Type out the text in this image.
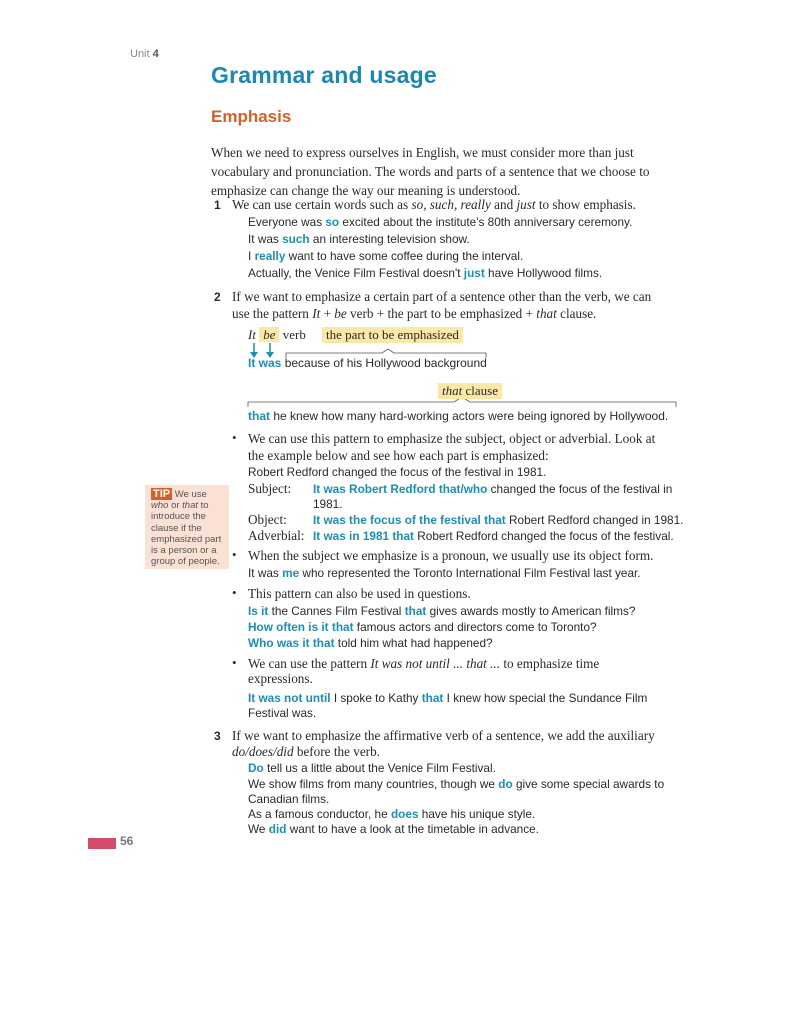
Unit 4
Grammar and usage
Emphasis
When we need to express ourselves in English, we must consider more than just vocabulary and pronunciation. The words and parts of a sentence that we choose to emphasize can change the way our meaning is understood.
1 We can use certain words such as so, such, really and just to show emphasis.
Everyone was so excited about the institute's 80th anniversary ceremony.
It was such an interesting television show.
I really want to have some coffee during the interval.
Actually, the Venice Film Festival doesn't just have Hollywood films.
2 If we want to emphasize a certain part of a sentence other than the verb, we can
use the pattern It + be verb + the part to be emphasized + that clause.
It be verb	the part to be emphasized
It was because of his Hollywood background
that clause
that he knew how many hard-working actors were being ignored by Hollywood.
• We can use this pattern to emphasize the subject, object or adverbial. Look at
the example below and see how each part is emphasized:
Robert Redford changed the focus of the festival in 1981.
Subject: It was Robert Redford that/who changed the focus of the festival in
1981.
Object: It was the focus of the festival that Robert Redford changed in 1981.
Adverbial: It was in 1981 that Robert Redford changed the focus of the festival.
TIP We use who or that to introduce the clause if the emphasized part is a person or a group of people. • When the subject we emphasize is a pronoun, we usually use its object form.
It was me who represented the Toronto International Film Festival last year.
• This pattern can also be used in questions.
Is it the Cannes Film Festival that gives awards mostly to American films?
How often is it that famous actors and directors come to Toronto?
Who was it that told him what had happened?
• We can use the pattern It was not until ... that ... to emphasize time
expressions.
It was not until I spoke to Kathy that I knew how special the Sundance Film
Festival was.
3 If we want to emphasize the affirmative verb of a sentence, we add the auxiliary
do/does/did before the verb.
Do tell us a little about the Venice Film Festival.
We show films from many countries, though we do give some special awards to
Canadian films.
As a famous conductor, he does have his unique style.
We did want to have a look at the timetable in advance.
56
